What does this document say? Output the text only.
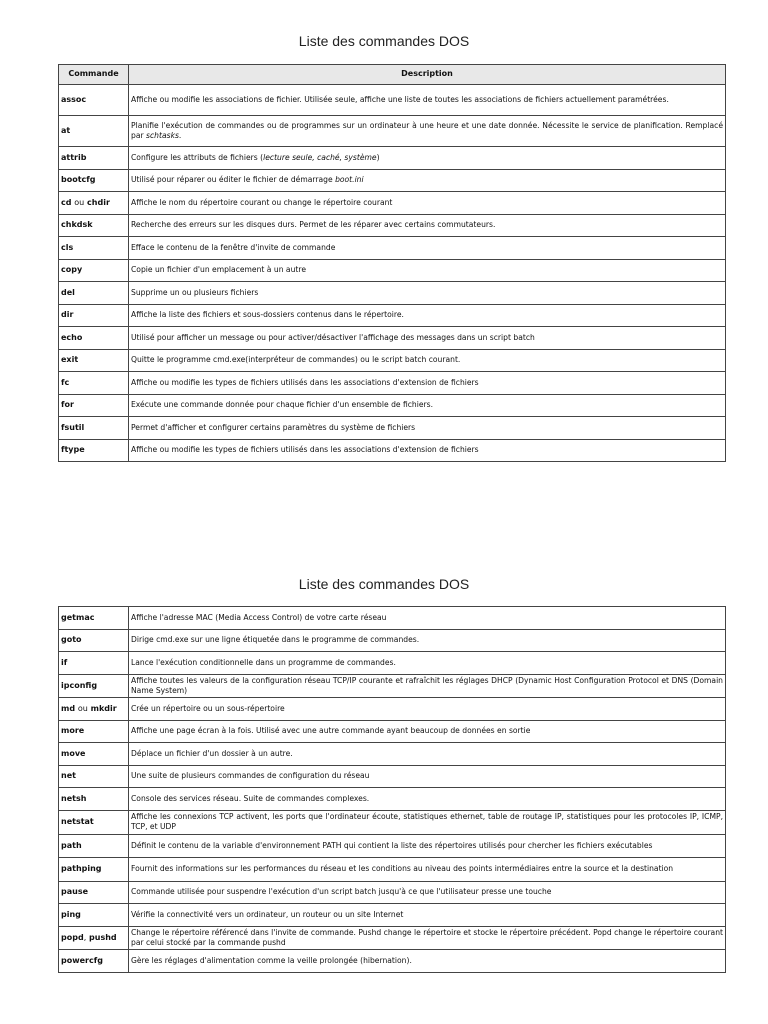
Liste des commandes DOS
Commande	Description
assoc	Affiche ou modifie les associations de fichier. Utilisée seule, affiche une liste de toutes les associations de fichiers actuellement paramétrées.
at	Planifie l'exécution de commandes ou de programmes sur un ordinateur à une heure et une date donnée. Nécessite le service de planification. Remplacé par schtasks.
attrib	Configure les attributs de fichiers (lecture seule, caché, système)
bootcfg	Utilisé pour réparer ou éditer le fichier de démarrage boot.ini
cd ou chdir	Affiche le nom du répertoire courant ou change le répertoire courant
chkdsk	Recherche des erreurs sur les disques durs. Permet de les réparer avec certains commutateurs.
cls	Efface le contenu de la fenêtre d'invite de commande
copy	Copie un fichier d'un emplacement à un autre
del	Supprime un ou plusieurs fichiers
dir	Affiche la liste des fichiers et sous-dossiers contenus dans le répertoire.
echo	Utilisé pour afficher un message ou pour activer/désactiver l'affichage des messages dans un script batch
exit	Quitte le programme cmd.exe(interpréteur de commandes) ou le script batch courant.
fc	Affiche ou modifie les types de fichiers utilisés dans les associations d'extension de fichiers
for	Exécute une commande donnée pour chaque fichier d'un ensemble de fichiers.
fsutil	Permet d'afficher et configurer certains paramètres du système de fichiers
ftype	Affiche ou modifie les types de fichiers utilisés dans les associations d'extension de fichiers
Liste des commandes DOS
getmac	Affiche l'adresse MAC (Media Access Control) de votre carte réseau
goto	Dirige cmd.exe sur une ligne étiquetée dans le programme de commandes.
if	Lance l'exécution conditionnelle dans un programme de commandes.
ipconfig	Affiche toutes les valeurs de la configuration réseau TCP/IP courante et rafraîchit les réglages DHCP (Dynamic Host Configuration Protocol et DNS (Domain Name System)
md ou mkdir	Crée un répertoire ou un sous-répertoire
more	Affiche une page écran à la fois. Utilisé avec une autre commande ayant beaucoup de données en sortie
move	Déplace un fichier d'un dossier à un autre.
net	Une suite de plusieurs commandes de configuration du réseau
netsh	Console des services réseau. Suite de commandes complexes.
netstat	Affiche les connexions TCP activent, les ports que l'ordinateur écoute, statistiques ethernet, table de routage IP, statistiques pour les protocoles IP, ICMP, TCP, et UDP
path	Définit le contenu de la variable d'environnement PATH qui contient la liste des répertoires utilisés pour chercher les fichiers exécutables
pathping	Fournit des informations sur les performances du réseau et les conditions au niveau des points intermédiaires entre la source et la destination
pause	Commande utilisée pour suspendre l'exécution d'un script batch jusqu'à ce que l'utilisateur presse une touche
ping	Vérifie la connectivité vers un ordinateur, un routeur ou un site Internet
popd, pushd	Change le répertoire référencé dans l'invite de commande. Pushd change le répertoire et stocke le répertoire précédent. Popd change le répertoire courant par celui stocké par la commande pushd
powercfg	Gère les réglages d'alimentation comme la veille prolongée (hibernation).
